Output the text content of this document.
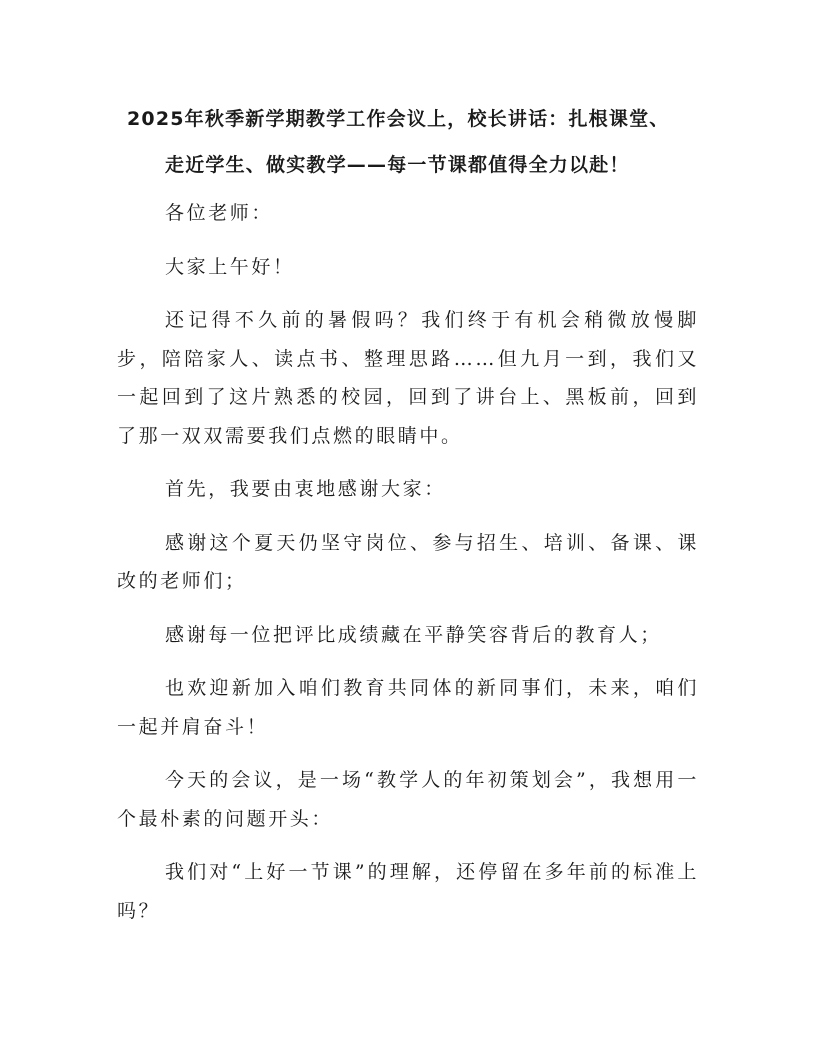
2025年秋季新学期教学工作会议上，校长讲话：扎根课堂、
走近学生、做实教学——每一节课都值得全力以赴！

各位老师：

大家上午好！

还记得不久前的暑假吗？我们终于有机会稍微放慢脚步，陪陪家人、读点书、整理思路……但九月一到，我们又一起回到了这片熟悉的校园，回到了讲台上、黑板前，回到了那一双双需要我们点燃的眼睛中。

首先，我要由衷地感谢大家：

感谢这个夏天仍坚守岗位、参与招生、培训、备课、课改的老师们；

感谢每一位把评比成绩藏在平静笑容背后的教育人；

也欢迎新加入咱们教育共同体的新同事们，未来，咱们一起并肩奋斗！

今天的会议，是一场“教学人的年初策划会”，我想用一个最朴素的问题开头：

我们对“上好一节课”的理解，还停留在多年前的标准上吗？
